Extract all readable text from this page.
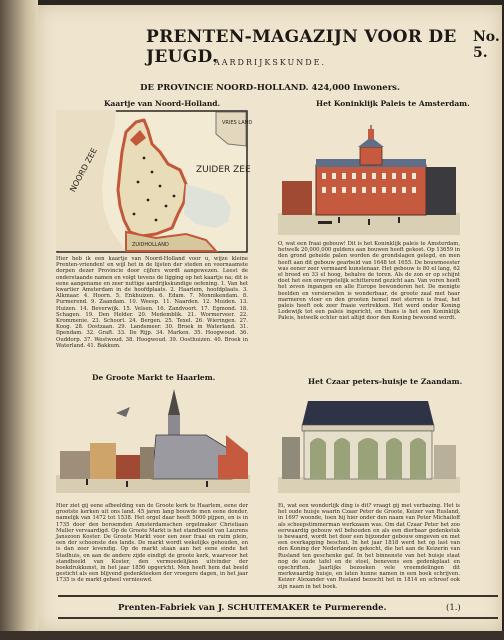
PRENTEN-MAGAZIJN VOOR DE JEUGD.
No. 5.
AARDRIJKSKUNDE.
DE PROVINCIE NOORD-HOLLAND. 424,000 Inwoners.
Kaartje van Noord-Holland.
NOORD ZEE	ZUIDER ZEE
VRIES LAND
ZUIDHOLLAND
Hier heb ik een kaartje van Noord-Holland voor u, wijze kleine Prenten-vrienden! en wijl het in de lijsten der steden en voornaamste dorpen dezer Provincie door cijfers wordt aangewezen. Leest de onderstaande namen en volgt tevens de ligging op het kaartje na; dit is eene aangename en zeer nuttige aardrijkskundige oefening. 1. Van het kwartier Amsterdam in de hoofdplaats. 2. Haarlem, hoofdplaats. 3. Alkmaar. 4. Hoorn. 5. Enkhuizen. 6. Edam. 7. Monnikendam. 8. Purmerend. 9. Zaandam. 10. Weesp. 11. Naarden. 12. Muiden. 13. Huizen. 14. Beverwijk. 15. Velsen. 16. Zandvoort. 17. Egmond. 18. Schagen. 19. Den Helder. 20. Medemblik. 21. Wormerveer. 22. Krommenie. 23. Schoorl. 24. Bergen. 25. Texel. 26. Wieringen. 27. Koog. 28. Oostzaan. 29. Landsmeer. 30. Broek in Waterland. 31. Ilpendam. 32. Graft. 33. De Rijp. 34. Marken. 35. Hoogwoud. 36. Ouddorp. 37. Westwoud. 38. Hoogwoud. 39. Oosthuizen. 40. Broek in Waterland. 41. Bakkum.
Het Koninklijk Paleis te Amsterdam.
O, wat een fraai gebouw! Dit is het Koninklijk paleis te Amsterdam, hetwelk 20,000,000 guldens aan bouwen heeft gekost. Op 13659 in den grond geheide palen worden de grondslagen gelegd, en men heeft aan dit gebouw gearbeid van 1648 tot 1655. De bouwmeester was eener zeer vermaard kunstenaar. Het gebouw is 80 el lang, 62 el breed en 33 el hoog, behalve de toren. Als de zon er op schijnt doet het een onvergetelijk schitterend gezicht aan. Van voren heeft het zeven ingangen en alle Europe bewonderen het. De menigte beelden en versierselen is wonderbaar, de groote zaal met haar marmeren vloer en den grooten hemel met sterren is fraai, het paleis heeft ook zeer fraaie vertrekken. Het werd onder Koning Lodewijk tot een paleis ingericht, en thans is het een Koninklijk Paleis, hetwelk echter niet altijd door den Koning bewoond wordt.
De Groote Markt te Haarlem.
Hier ziet gij eene afbeelding van de Groote kerk te Haarlem, eene der grootste kerken uit ons land. 45 jaren lang bouwde men eene donder, namelijk van 1472 tot 1538. Het orgel daar heeft 5000 pijpen, en is in 1735 door den beroemden Amsterdamschen orgelmaker Christiaan Muller vervaardigd. Op de Groote Markt is het standbeeld van Laurens Janszoon Koster. De Groote Markt voor een zeer fraai en ruim plein, een der schoonste des lands. De markt wordt wekelijks gehouden, en is dan zeer levendig. Op de markt staan aan het eene einde het Stadhuis, en aan de andere zijde eindigt de groote kerk, waarvoor het standbeeld van Koster, den vermoedelijken uitvinder der boekdrukkunst, in het jaar 1856 opgericht. Men heeft hem dat beeld gesticht als een blijvend gedenkteeken der vroegere dagen, in het jaar 1735 is de markt geheel vernieuwd.
Het Czaar peters-huisje te Zaandam.
Ei, wat een wonderlijk ding is dit? vraagt gij met verbazing. Het is het oude huisje waarin Czaar Peter de Groote, Keizer van Rusland, in 1697 woonde, toen hij hier onder den naam van Peter Michailoff als scheepstimmerman werkzaam was. Om dat Czaar Peter het zoo eerwaardig gebouw wil behouden en als een dierbaar gedenkstuk is bewaard, wordt het door een bijzonder gebouw omgeven en met een overkapping beschut. In het jaar 1818 werd het op last van den Koning der Nederlanden gekocht, die het aan de Keizerin van Rusland ten geschenke gaf. In het binnenste van het huisje staat nog de oude tafel en de stoel, benevens een gedenkplaat en opschriften. Jaarlijks bezoeken vele vreemdelingen dit merkwaardig huisje, en laten hunne namen in een boek schrijven. Keizer Alexander van Rusland bezocht het in 1814 en schreef ook zijn naam in het boek.
Prenten-Fabriek van J. SCHUITEMAKER te Purmerende.	(1.)
